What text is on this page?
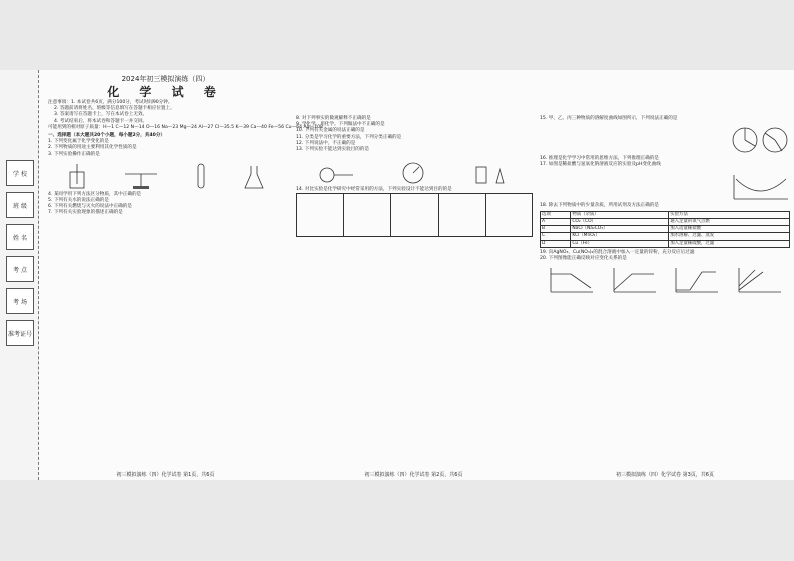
学 校
班 级
姓 名
考 点
考 场
准考证号
2024年初三模拟演练（四）
化 学 试 卷

注意事项：1. 本试卷共6页，满分100分，考试时间90分钟。

2. 答题前请将姓名、班级等信息填写在答题卡相应位置上。

3. 答案请写在答题卡上，写在本试卷上无效。

4. 考试结束后，将本试卷和答题卡一并交回。

可能用到的相对原子质量：H—1 C—12 N—14 O—16 Na—23 Mg—24 Al—27 Cl—35.5 K—39 Ca—40 Fe—56 Cu—64 Ag—108

一、选择题（本大题共20个小题，每小题2分，共40分）

1. 下列变化属于化学变化的是

2. 下列物质的用途主要利用其化学性质的是

3. 下列实验操作正确的是

4. 某同学用下列方法区分物质，其中正确的是

5. 下列有关水的说法正确的是

6. 下列有关燃烧与灭火的说法中正确的是

7. 下列有关实验现象的描述正确的是

初三模拟演练（四）化学试卷 第1页，共6页

8. 对下列事实的微观解释不正确的是

9. 学化学，用化学。下列做法中不正确的是

10. 下列有关金属的说法正确的是

11. 分类是学习化学的重要方法，下列分类正确的是

12. 下列说法中，不正确的是

13. 下列实验不能达到实验目的的是

14. 对比实验是化学研究中经常采用的方法，下列实验设计不能达到目的的是

初三模拟演练（四）化学试卷 第2页，共6页

15. 甲、乙、丙三种物质的溶解度曲线如图所示，下列说法正确的是

16. 推理是化学学习中常用的思维方法，下列推理正确的是

17. 如图是稀盐酸与氢氧化钠溶液反应的实验及pH变化曲线

18. 除去下列物质中的少量杂质，所用试剂及方法正确的是

选项	物质（杂质）	实验方法
A	CO₂（CO）	通入足量的氧气点燃
B	NaCl（Na₂CO₃）	加入适量稀盐酸
C	KCl（MnO₂）	加水溶解、过滤、蒸发
D	Cu（Fe）	加入足量稀硫酸，过滤

19. 向AgNO₃、Cu(NO₃)₂的混合溶液中加入一定量的锌粉，充分反应后过滤

20. 下列图像能正确反映对应变化关系的是

初三模拟演练（四）化学试卷 第3页，共6页
